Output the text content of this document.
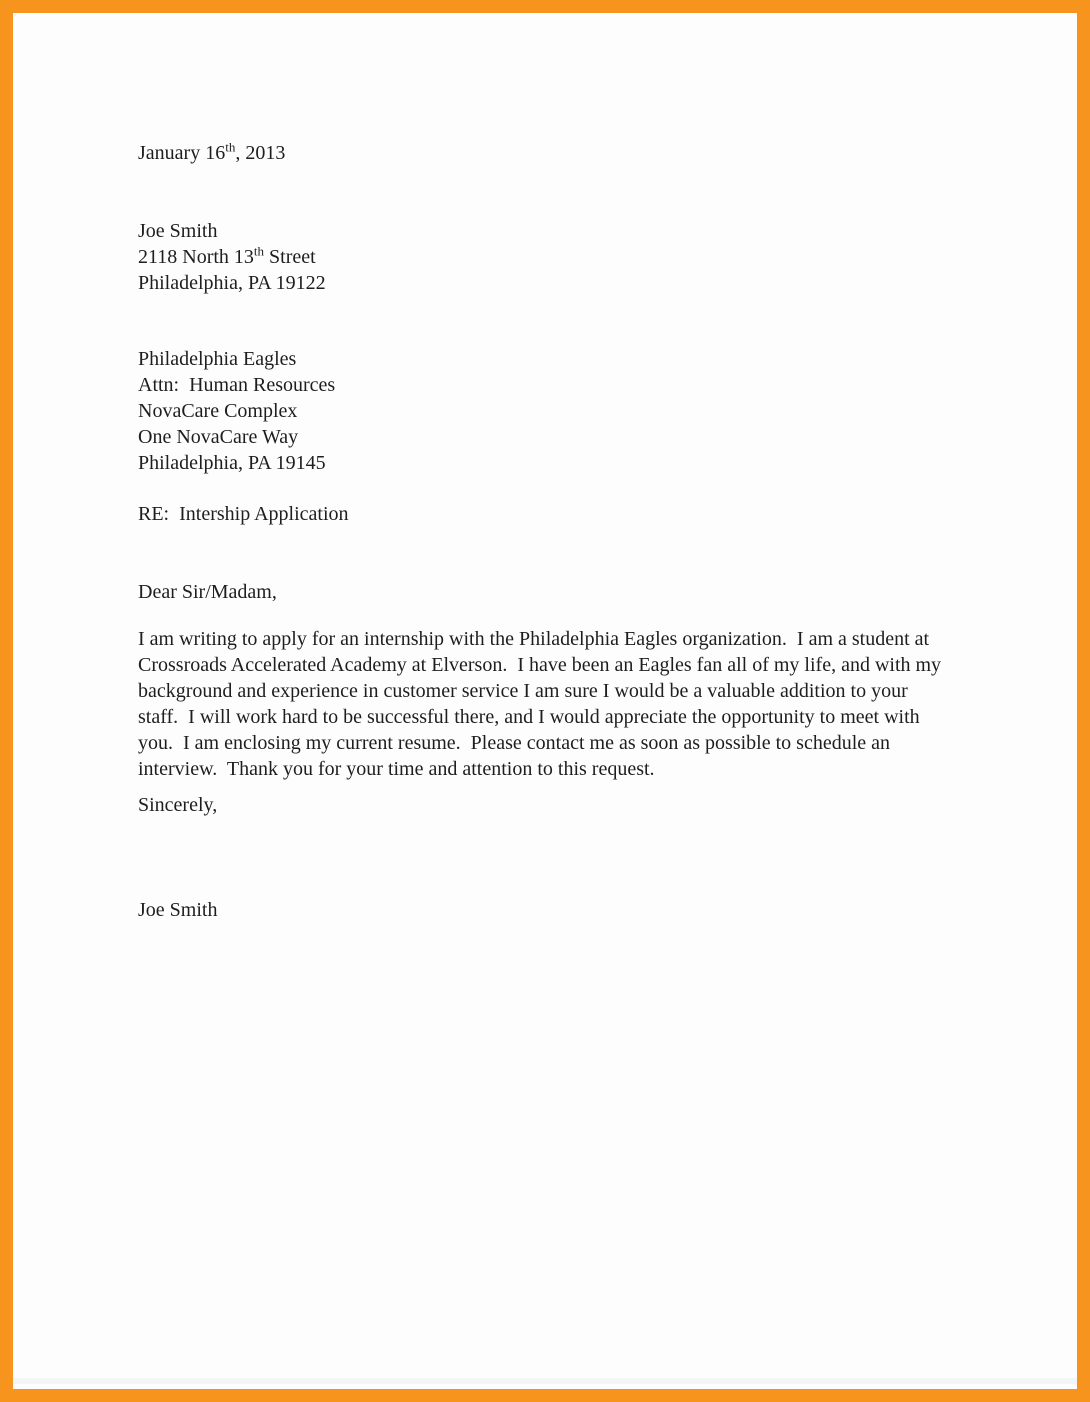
January 16th, 2013

Joe Smith

2118 North 13th Street

Philadelphia, PA 19122

Philadelphia Eagles

Attn:  Human Resources

NovaCare Complex

One NovaCare Way

Philadelphia, PA 19145

RE:  Intership Application

Dear Sir/Madam,

I am writing to apply for an internship with the Philadelphia Eagles organization.  I am a student at
Crossroads Accelerated Academy at Elverson.  I have been an Eagles fan all of my life, and with my
background and experience in customer service I am sure I would be a valuable addition to your
staff.  I will work hard to be successful there, and I would appreciate the opportunity to meet with
you.  I am enclosing my current resume.  Please contact me as soon as possible to schedule an
interview.  Thank you for your time and attention to this request.

Sincerely,

Joe Smith
